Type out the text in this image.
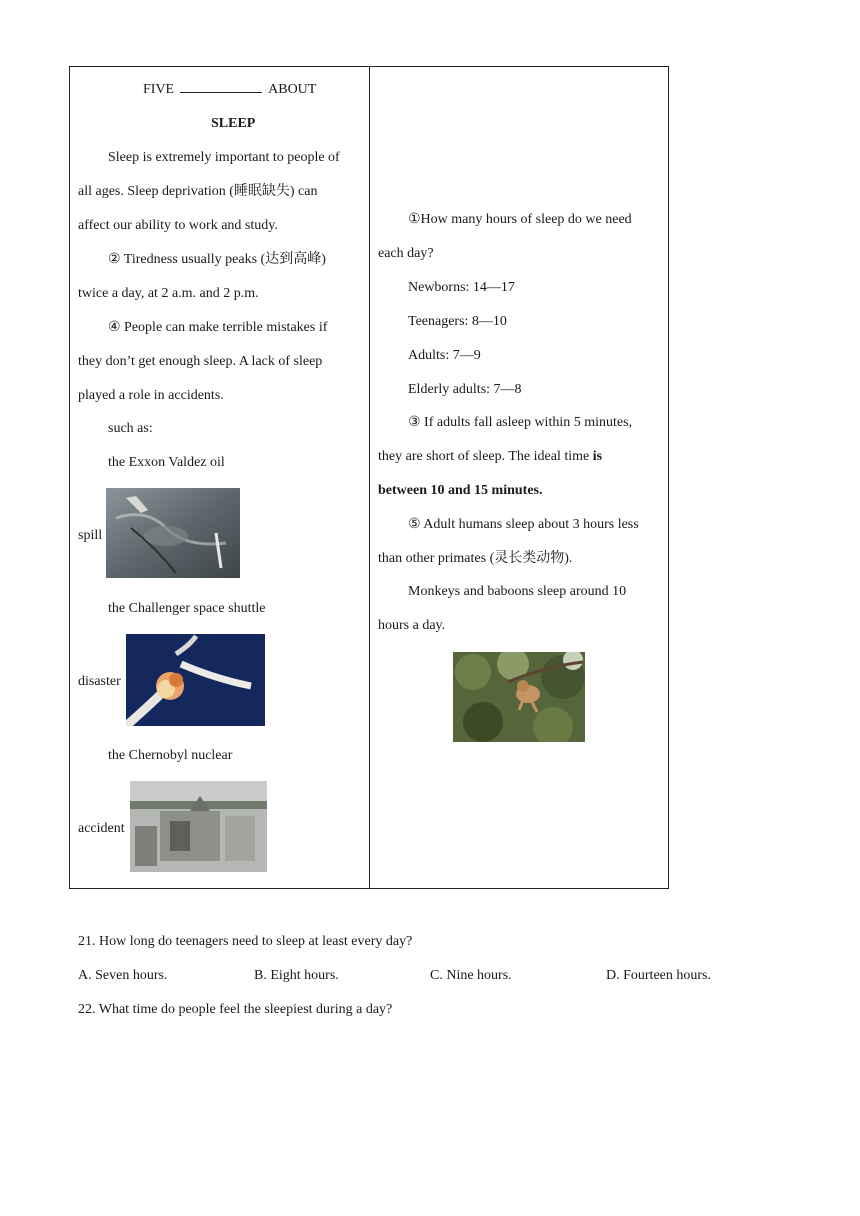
FIVE	ABOUT
SLEEP
Sleep is extremely important to people of
all ages. Sleep deprivation (睡眠缺失) can
affect our ability to work and study.
② Tiredness usually peaks (达到高峰)
twice a day, at 2 a.m. and 2 p.m.
④ People can make terrible mistakes if
they don’t get enough sleep. A lack of sleep
played a role in accidents.
such as:
the Exxon Valdez oil
spill
the Challenger space shuttle
disaster
the Chernobyl nuclear
accident
①How many hours of sleep do we need
each day?
Newborns: 14—17
Teenagers: 8—10
Adults: 7—9
Elderly adults: 7—8
③ If adults fall asleep within 5 minutes,
they are short of sleep. The ideal time is
between 10 and 15 minutes.
⑤ Adult humans sleep about 3 hours less
than other primates (灵长类动物).
Monkeys and baboons sleep around 10
hours a day.
21. How long do teenagers need to sleep at least every day?
A. Seven hours.	B. Eight hours.	C. Nine hours.	D. Fourteen hours.
22. What time do people feel the sleepiest during a day?
